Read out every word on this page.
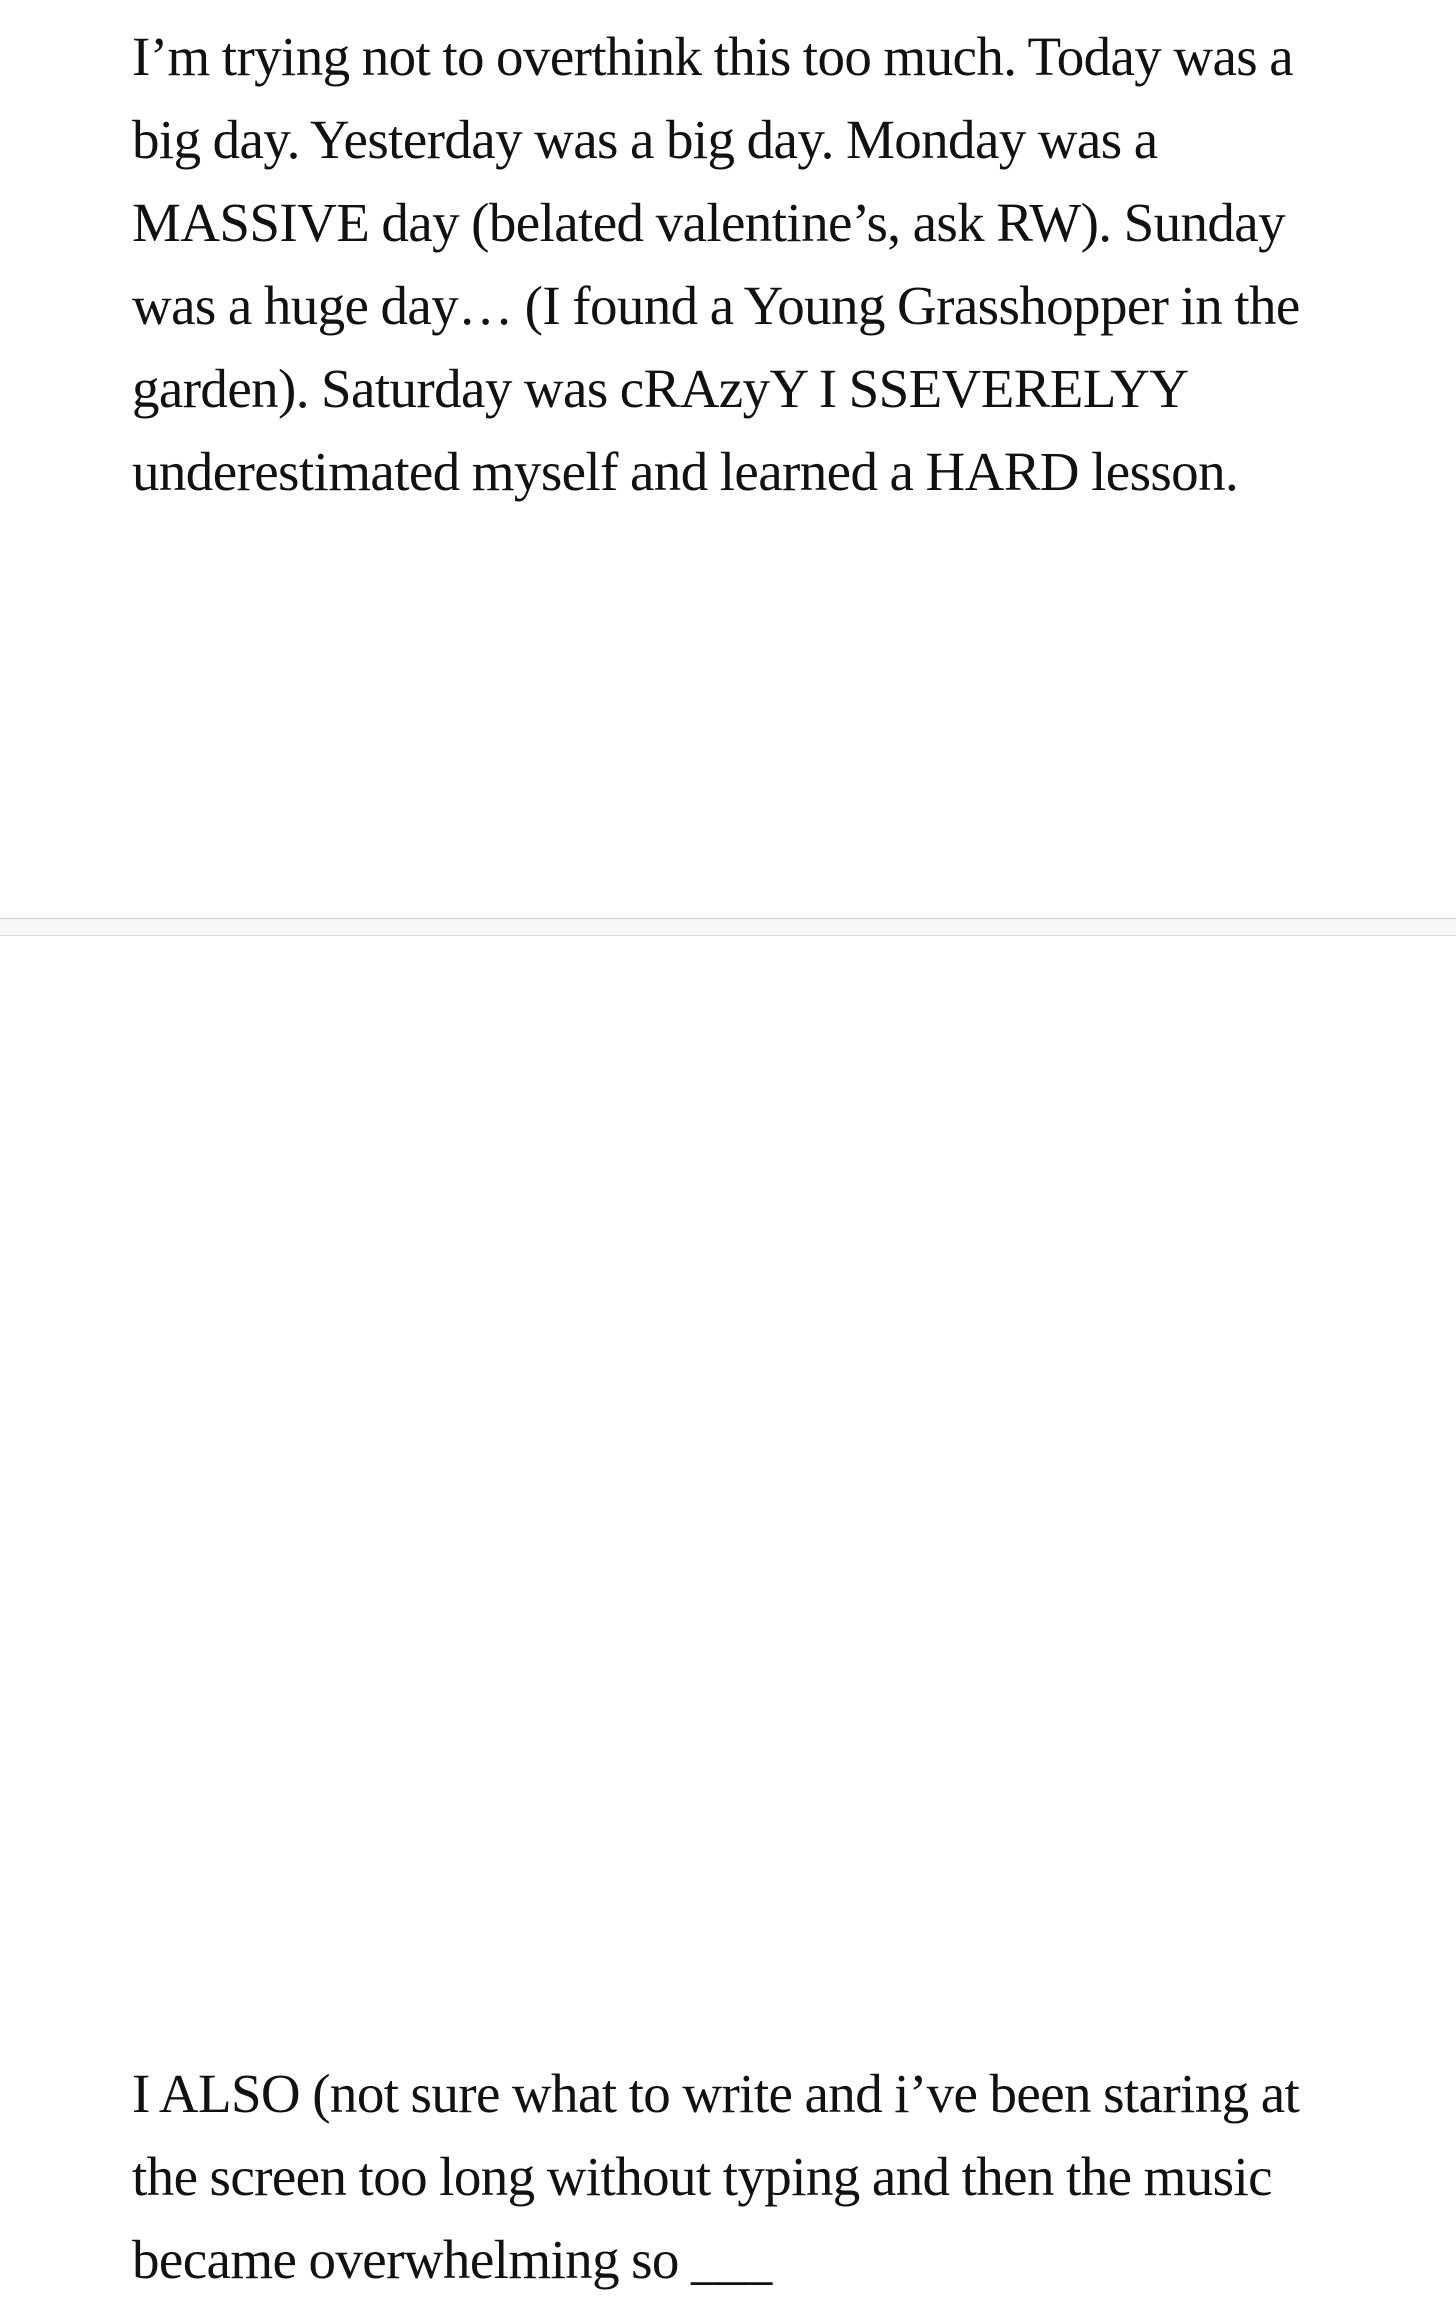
I’m trying not to overthink this too much. Today was a big day. Yesterday was a big day. Monday was a MASSIVE day (belated valentine’s, ask RW). Sunday was a huge day… (I found a Young Grasshopper in the garden). Saturday was cRAzyY I SSEVERELYY underestimated myself and learned a HARD lesson.

I ALSO (not sure what to write and i’ve been staring at the screen too long without typing and then the music became overwhelming so ___
